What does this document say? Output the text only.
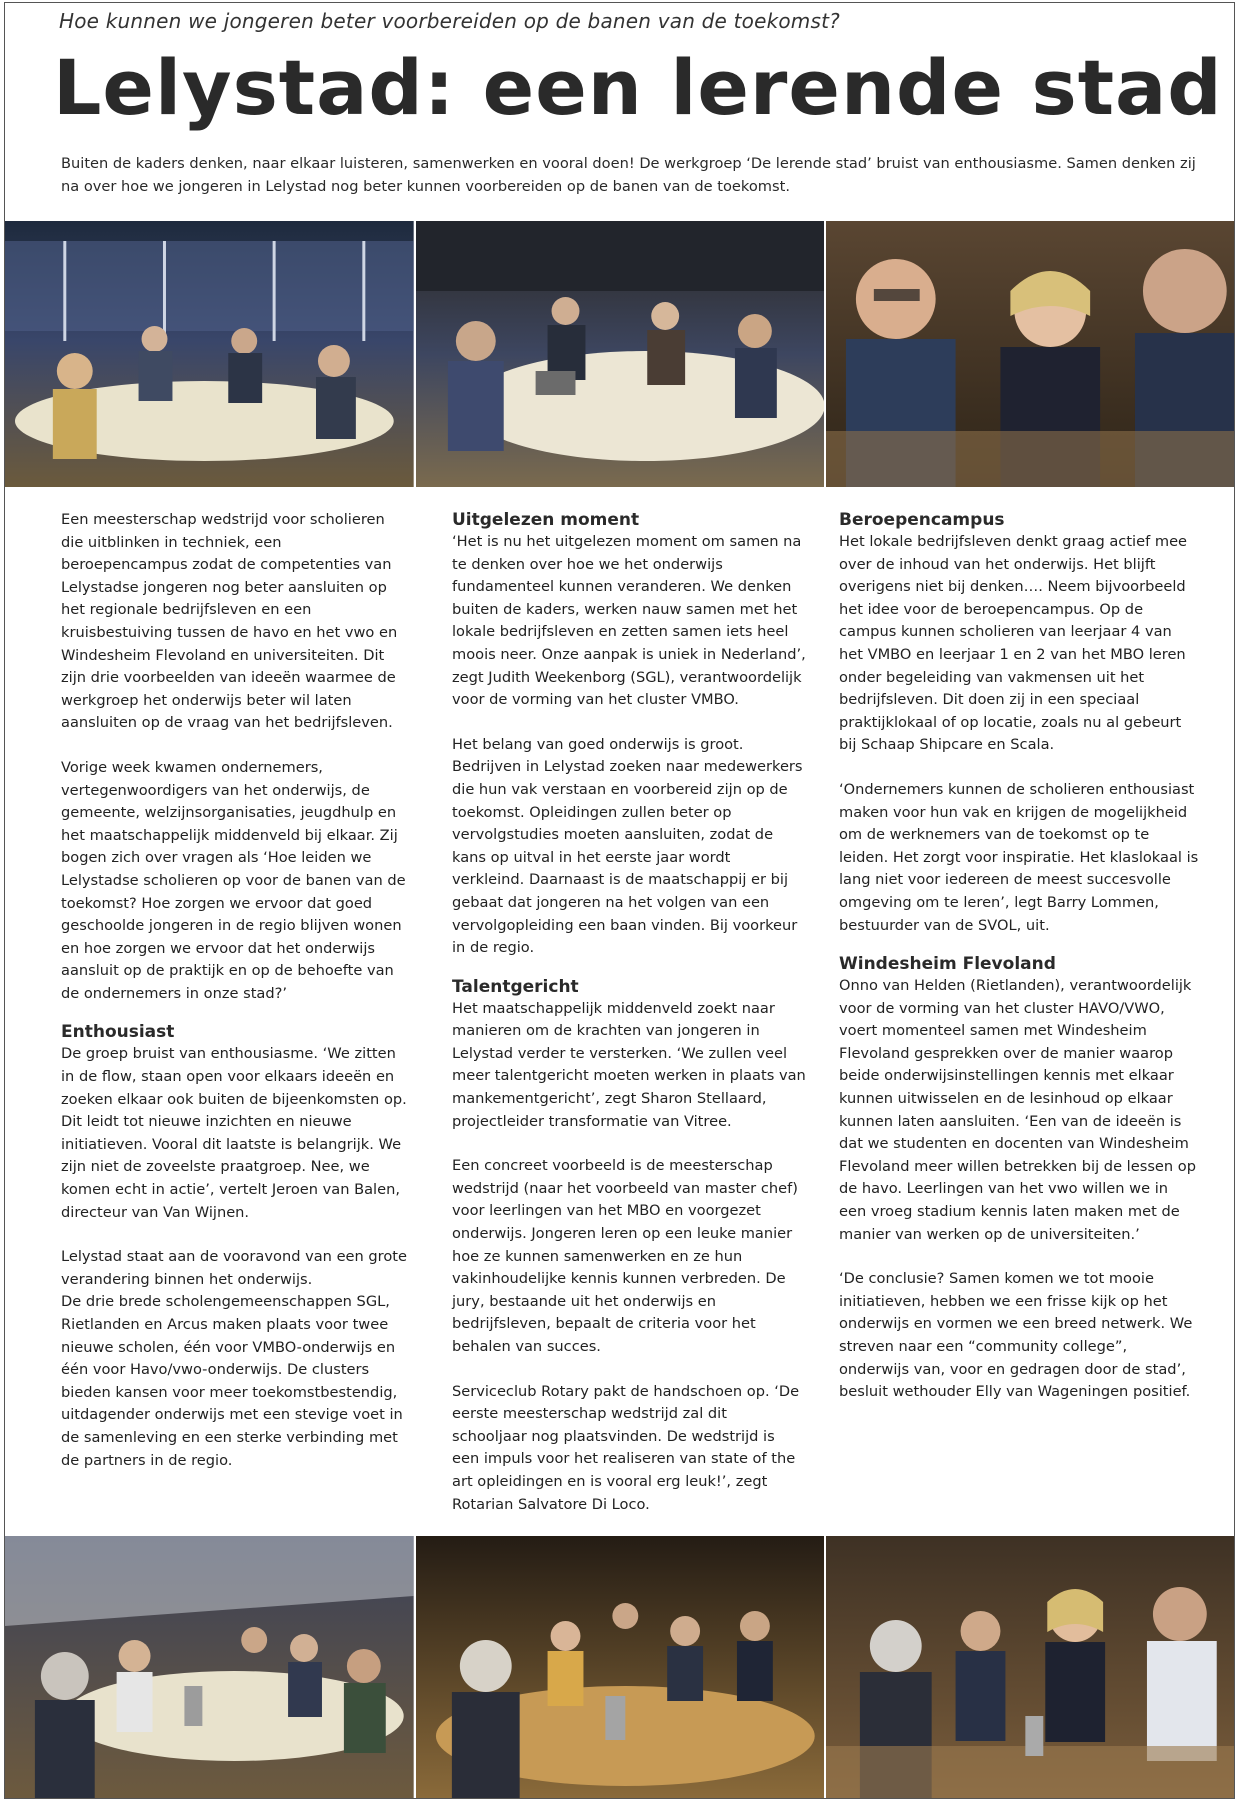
Hoe kunnen we jongeren beter voorbereiden op de banen van de toekomst?
Lelystad: een lerende stad
Buiten de kaders denken, naar elkaar luisteren, samenwerken en vooral doen! De werkgroep ‘De lerende stad’ bruist van enthousiasme. Samen denken zij na over hoe we jongeren in Lelystad nog beter kunnen voorbereiden op de banen van de toekomst.

Een meesterschap wedstrijd voor scholieren die uitblinken in techniek, een beroepencampus zodat de competenties van Lelystadse jongeren nog beter aansluiten op het regionale bedrijfsleven en een kruisbestuiving tussen de havo en het vwo en Windesheim Flevoland en universiteiten. Dit zijn drie voorbeelden van ideeën waarmee de werkgroep het onderwijs beter wil laten aansluiten op de vraag van het bedrijfsleven.

Vorige week kwamen ondernemers, vertegenwoordigers van het onderwijs, de gemeente, welzijnsorganisaties, jeugdhulp en het maatschappelijk middenveld bij elkaar. Zij bogen zich over vragen als ‘Hoe leiden we Lelystadse scholieren op voor de banen van de toekomst? Hoe zorgen we ervoor dat goed geschoolde jongeren in de regio blijven wonen en hoe zorgen we ervoor dat het onderwijs aansluit op de praktijk en op de behoefte van de ondernemers in onze stad?’

Enthousiast

De groep bruist van enthousiasme. ‘We zitten in de flow, staan open voor elkaars ideeën en zoeken elkaar ook buiten de bijeenkomsten op. Dit leidt tot nieuwe inzichten en nieuwe initiatieven. Vooral dit laatste is belangrijk. We zijn niet de zoveelste praatgroep. Nee, we komen echt in actie’, vertelt Jeroen van Balen, directeur van Van Wijnen.

Lelystad staat aan de vooravond van een grote verandering binnen het onderwijs.

De drie brede scholengemeenschappen SGL, Rietlanden en Arcus maken plaats voor twee nieuwe scholen, één voor VMBO-onderwijs en één voor Havo/vwo-onderwijs. De clusters bieden kansen voor meer toekomstbestendig, uitdagender onderwijs met een stevige voet in de samenleving en een sterke verbinding met de partners in de regio.

Uitgelezen moment

‘Het is nu het uitgelezen moment om samen na te denken over hoe we het onderwijs fundamenteel kunnen veranderen. We denken buiten de kaders, werken nauw samen met het lokale bedrijfsleven en zetten samen iets heel moois neer. Onze aanpak is uniek in Nederland’, zegt Judith Weekenborg (SGL), verantwoordelijk voor de vorming van het cluster VMBO.

Het belang van goed onderwijs is groot. Bedrijven in Lelystad zoeken naar medewerkers die hun vak verstaan en voorbereid zijn op de toekomst. Opleidingen zullen beter op vervolgstudies moeten aansluiten, zodat de kans op uitval in het eerste jaar wordt verkleind. Daarnaast is de maatschappij er bij gebaat dat jongeren na het volgen van een vervolgopleiding een baan vinden. Bij voorkeur in de regio.

Talentgericht

Het maatschappelijk middenveld zoekt naar manieren om de krachten van jongeren in Lelystad verder te versterken. ‘We zullen veel meer talentgericht moeten werken in plaats van mankementgericht’, zegt Sharon Stellaard, projectleider transformatie van Vitree.

Een concreet voorbeeld is de meesterschap wedstrijd (naar het voorbeeld van master chef) voor leerlingen van het MBO en voorgezet onderwijs. Jongeren leren op een leuke manier hoe ze kunnen samenwerken en ze hun vakinhoudelijke kennis kunnen verbreden. De jury, bestaande uit het onderwijs en bedrijfsleven, bepaalt de criteria voor het behalen van succes.

Serviceclub Rotary pakt de handschoen op. ‘De eerste meesterschap wedstrijd zal dit schooljaar nog plaatsvinden. De wedstrijd is een impuls voor het realiseren van state of the art opleidingen en is vooral erg leuk!’, zegt Rotarian Salvatore Di Loco.

Beroepencampus

Het lokale bedrijfsleven denkt graag actief mee over de inhoud van het onderwijs. Het blijft overigens niet bij denken…. Neem bijvoorbeeld het idee voor de beroepencampus. Op de campus kunnen scholieren van leerjaar 4 van het VMBO en leerjaar 1 en 2 van het MBO leren onder begeleiding van vakmensen uit het bedrijfsleven. Dit doen zij in een speciaal praktijklokaal of op locatie, zoals nu al gebeurt bij Schaap Shipcare en Scala.

‘Ondernemers kunnen de scholieren enthousiast maken voor hun vak en krijgen de mogelijkheid om de werknemers van de toekomst op te leiden. Het zorgt voor inspiratie. Het klaslokaal is lang niet voor iedereen de meest succesvolle omgeving om te leren’, legt Barry Lommen, bestuurder van de SVOL, uit.

Windesheim Flevoland

Onno van Helden (Rietlanden), verantwoordelijk voor de vorming van het cluster HAVO/VWO, voert momenteel samen met Windesheim Flevoland gesprekken over de manier waarop beide onderwijsinstellingen kennis met elkaar kunnen uitwisselen en de lesinhoud op elkaar kunnen laten aansluiten. ‘Een van de ideeën is dat we studenten en docenten van Windesheim Flevoland meer willen betrekken bij de lessen op de havo. Leerlingen van het vwo willen we in een vroeg stadium kennis laten maken met de manier van werken op de universiteiten.’

‘De conclusie? Samen komen we tot mooie initiatieven, hebben we een frisse kijk op het onderwijs en vormen we een breed netwerk. We streven naar een “community college”, onderwijs van, voor en gedragen door de stad’, besluit wethouder Elly van Wageningen positief.
